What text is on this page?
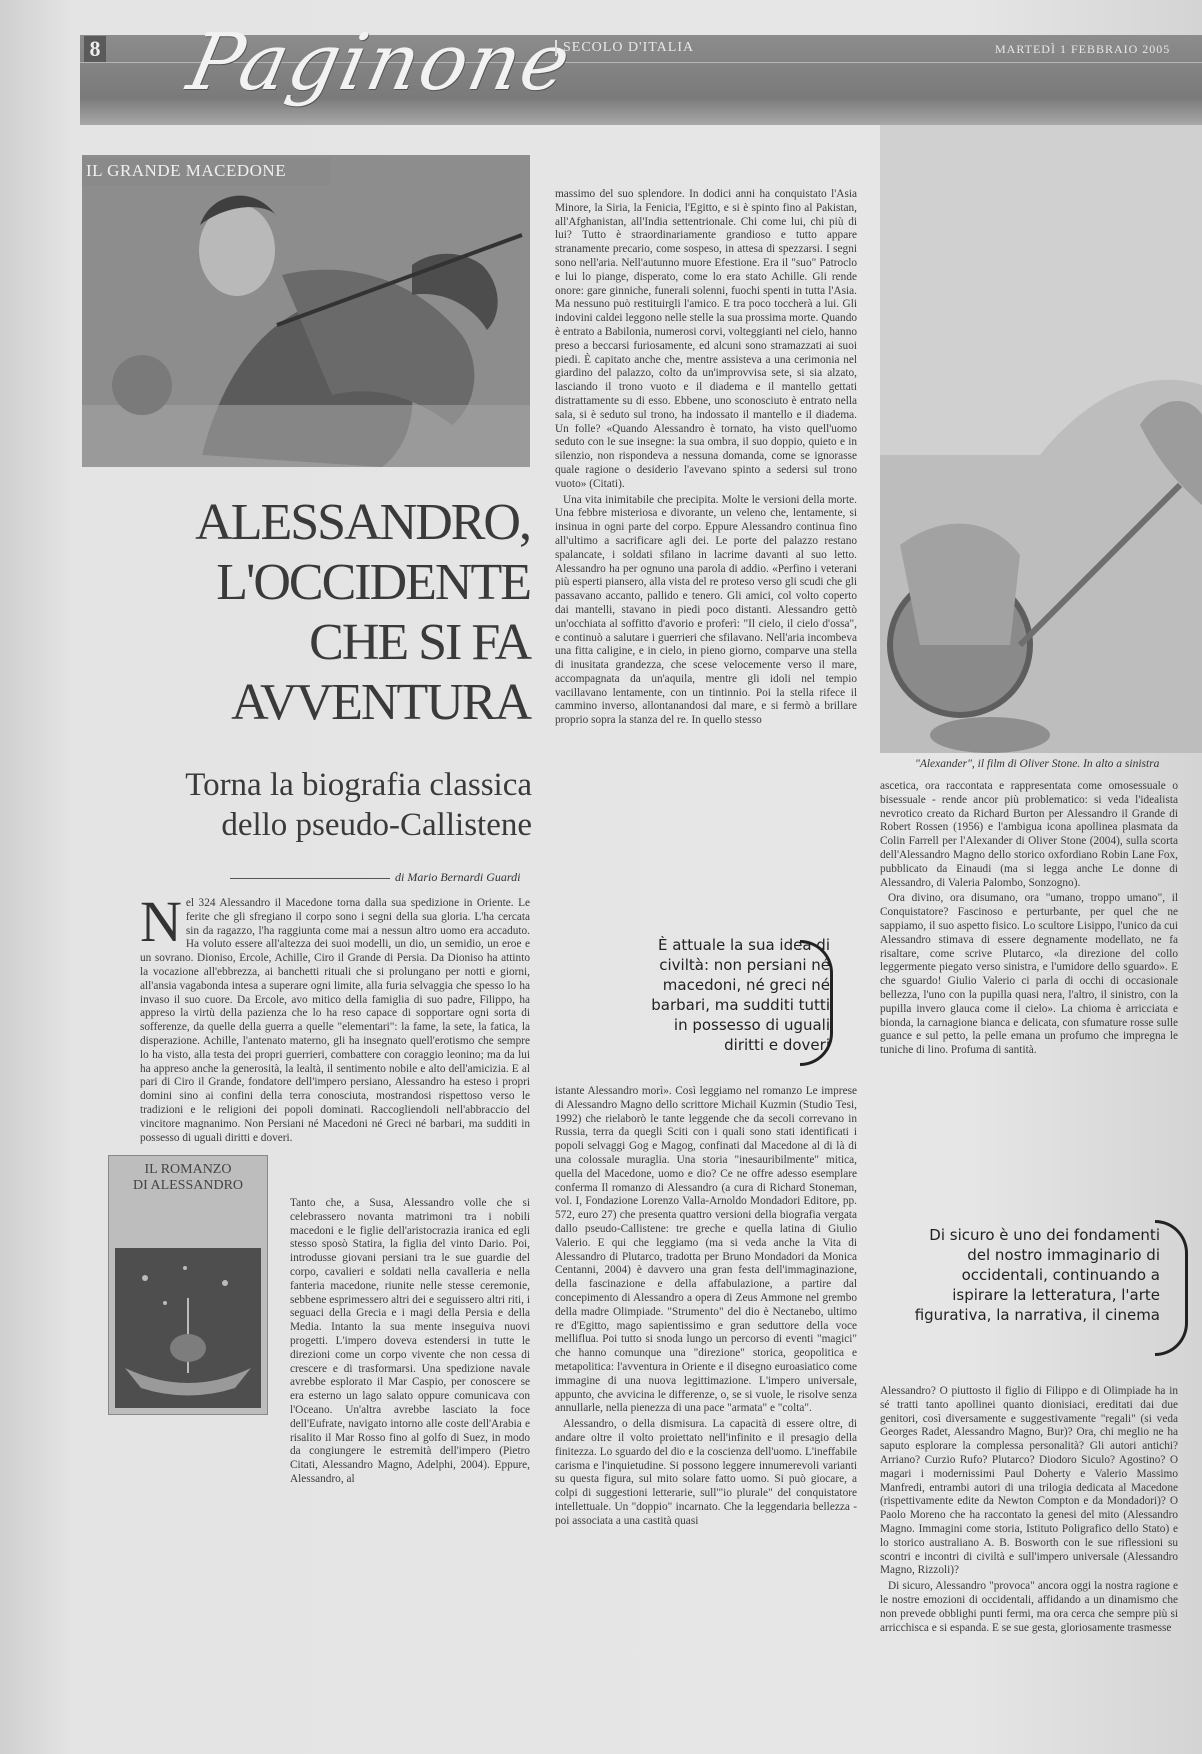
8 Paginone
SECOLO D'ITALIA	MARTEDÌ 1 FEBBRAIO 2005
IL GRANDE MACEDONE
ALESSANDRO,
L'OCCIDENTE
CHE SI FA
AVVENTURA
Torna la biografia classica
dello pseudo-Callistene
di Mario Bernardi Guardi
N el 324 Alessandro il Macedone torna dalla sua spedizione in Oriente. Le ferite che gli sfregiano il corpo sono i segni della sua gloria. L'ha cercata sin da ragazzo, l'ha raggiunta come mai a nessun altro uomo era accaduto. Ha voluto essere all'altezza dei suoi modelli, un dio, un semidio, un eroe e un sovrano. Dioniso, Ercole, Achille, Ciro il Grande di Persia. Da Dioniso ha attinto la vocazione all'ebbrezza, ai banchetti rituali che si prolungano per notti e giorni, all'ansia vagabonda intesa a superare ogni limite, alla furia selvaggia che spesso lo ha invaso il suo cuore. Da Ercole, avo mitico della famiglia di suo padre, Filippo, ha appreso la virtù della pazienza che lo ha reso capace di sopportare ogni sorta di sofferenze, da quelle della guerra a quelle "elementari": la fame, la sete, la fatica, la disperazione. Achille, l'antenato materno, gli ha insegnato quell'erotismo che sempre lo ha visto, alla testa dei propri guerrieri, combattere con coraggio leonino; ma da lui ha appreso anche la generosità, la lealtà, il sentimento nobile e alto dell'amicizia. E al pari di Ciro il Grande, fondatore dell'impero persiano, Alessandro ha esteso i propri domini sino ai confini della terra conosciuta, mostrandosi rispettoso verso le tradizioni e le religioni dei popoli dominati. Raccogliendoli nell'abbraccio del vincitore magnanimo. Non Persiani né Macedoni né Greci né barbari, ma sudditi in possesso di uguali diritti e doveri.
Tanto che, a Susa, Alessandro volle che si celebrassero novanta matrimoni tra i nobili macedoni e le figlie dell'aristocrazia iranica ed egli stesso sposò Statira, la figlia del vinto Dario. Poi, introdusse giovani persiani tra le sue guardie del corpo, cavalieri e soldati nella cavalleria e nella fanteria macedone, riunite nelle stesse ceremonie, sebbene esprimessero altri dei e seguissero altri riti, i seguaci della Grecia e i magi della Persia e della Media. Intanto la sua mente inseguiva nuovi progetti. L'impero doveva estendersi in tutte le direzioni come un corpo vivente che non cessa di crescere e di trasformarsi. Una spedizione navale avrebbe esplorato il Mar Caspio, per conoscere se era esterno un lago salato oppure comunicava con l'Oceano. Un'altra avrebbe lasciato la foce dell'Eufrate, navigato intorno alle coste dell'Arabia e risalito il Mar Rosso fino al golfo di Suez, in modo da congiungere le estremità dell'impero (Pietro Citati, Alessandro Magno, Adelphi, 2004). Eppure, Alessandro, al
IL ROMANZO
DI ALESSANDRO

massimo del suo splendore. In dodici anni ha conquistato l'Asia Minore, la Siria, la Fenicia, l'Egitto, e si è spinto fino al Pakistan, all'Afghanistan, all'India settentrionale. Chi come lui, chi più di lui? Tutto è straordinariamente grandioso e tutto appare stranamente precario, come sospeso, in attesa di spezzarsi. I segni sono nell'aria. Nell'autunno muore Efestione. Era il "suo" Patroclo e lui lo piange, disperato, come lo era stato Achille. Gli rende onore: gare ginniche, funerali solenni, fuochi spenti in tutta l'Asia. Ma nessuno può restituirgli l'amico. E tra poco toccherà a lui. Gli indovini caldei leggono nelle stelle la sua prossima morte. Quando è entrato a Babilonia, numerosi corvi, volteggianti nel cielo, hanno preso a beccarsi furiosamente, ed alcuni sono stramazzati ai suoi piedi. È capitato anche che, mentre assisteva a una cerimonia nel giardino del palazzo, colto da un'improvvisa sete, si sia alzato, lasciando il trono vuoto e il diadema e il mantello gettati distrattamente su di esso. Ebbene, uno sconosciuto è entrato nella sala, si è seduto sul trono, ha indossato il mantello e il diadema. Un folle? «Quando Alessandro è tornato, ha visto quell'uomo seduto con le sue insegne: la sua ombra, il suo doppio, quieto e in silenzio, non rispondeva a nessuna domanda, come se ignorasse quale ragione o desiderio l'avevano spinto a sedersi sul trono vuoto» (Citati).

Una vita inimitabile che precipita. Molte le versioni della morte. Una febbre misteriosa e divorante, un veleno che, lentamente, si insinua in ogni parte del corpo. Eppure Alessandro continua fino all'ultimo a sacrificare agli dei. Le porte del palazzo restano spalancate, i soldati sfilano in lacrime davanti al suo letto. Alessandro ha per ognuno una parola di addio. «Perfino i veterani più esperti piansero, alla vista del re proteso verso gli scudi che gli passavano accanto, pallido e tenero. Gli amici, col volto coperto dai mantelli, stavano in piedi poco distanti. Alessandro gettò un'occhiata al soffitto d'avorio e proferì: "Il cielo, il cielo d'ossa", e continuò a salutare i guerrieri che sfilavano. Nell'aria incombeva una fitta caligine, e in cielo, in pieno giorno, comparve una stella di inusitata grandezza, che scese velocemente verso il mare, accompagnata da un'aquila, mentre gli idoli nel tempio vacillavano lentamente, con un tintinnio. Poi la stella rifece il cammino inverso, allontanandosi dal mare, e si fermò a brillare proprio sopra la stanza del re. In quello stesso

È attuale la sua idea di civiltà: non persiani né macedoni, né greci né barbari, ma sudditi tutti in possesso di uguali diritti e doveri

istante Alessandro morì». Così leggiamo nel romanzo Le imprese di Alessandro Magno dello scrittore Michail Kuzmin (Studio Tesi, 1992) che rielaborò le tante leggende che da secoli correvano in Russia, terra da quegli Sciti con i quali sono stati identificati i popoli selvaggi Gog e Magog, confinati dal Macedone al di là di una colossale muraglia. Una storia "inesauribilmente" mitica, quella del Macedone, uomo e dio? Ce ne offre adesso esemplare conferma Il romanzo di Alessandro (a cura di Richard Stoneman, vol. I, Fondazione Lorenzo Valla-Arnoldo Mondadori Editore, pp. 572, euro 27) che presenta quattro versioni della biografia vergata dallo pseudo-Callistene: tre greche e quella latina di Giulio Valerio. E qui che leggiamo (ma si veda anche la Vita di Alessandro di Plutarco, tradotta per Bruno Mondadori da Monica Centanni, 2004) è davvero una gran festa dell'immaginazione, della fascinazione e della affabulazione, a partire dal concepimento di Alessandro a opera di Zeus Ammone nel grembo della madre Olimpiade. "Strumento" del dio è Nectanebo, ultimo re d'Egitto, mago sapientissimo e gran seduttore della voce melliflua. Poi tutto si snoda lungo un percorso di eventi "magici" che hanno comunque una "direzione" storica, geopolitica e metapolitica: l'avventura in Oriente e il disegno euroasiatico come immagine di una nuova legittimazione. L'impero universale, appunto, che avvicina le differenze, o, se si vuole, le risolve senza annullarle, nella pienezza di una pace "armata" e "colta".

Alessandro, o della dismisura. La capacità di essere oltre, di andare oltre il volto proiettato nell'infinito e il presagio della finitezza. Lo sguardo del dio e la coscienza dell'uomo. L'ineffabile carisma e l'inquietudine. Si possono leggere innumerevoli varianti su questa figura, sul mito solare fatto uomo. Si può giocare, a colpi di suggestioni letterarie, sull'"io plurale" del conquistatore intellettuale. Un "doppio" incarnato. Che la leggendaria bellezza - poi associata a una castità quasi

"Alexander", il film di Oliver Stone. In alto a sinistra

ascetica, ora raccontata e rappresentata come omosessuale o bisessuale - rende ancor più problematico: si veda l'idealista nevrotico creato da Richard Burton per Alessandro il Grande di Robert Rossen (1956) e l'ambigua icona apollinea plasmata da Colin Farrell per l'Alexander di Oliver Stone (2004), sulla scorta dell'Alessandro Magno dello storico oxfordiano Robin Lane Fox, pubblicato da Einaudi (ma si legga anche Le donne di Alessandro, di Valeria Palombo, Sonzogno).

Ora divino, ora disumano, ora "umano, troppo umano", il Conquistatore? Fascinoso e perturbante, per quel che ne sappiamo, il suo aspetto fisico. Lo scultore Lisippo, l'unico da cui Alessandro stimava di essere degnamente modellato, ne fa risaltare, come scrive Plutarco, «la direzione del collo leggermente piegato verso sinistra, e l'umidore dello sguardo». E che sguardo! Giulio Valerio ci parla di occhi di occasionale bellezza, l'uno con la pupilla quasi nera, l'altro, il sinistro, con la pupilla invero glauca come il cielo». La chioma è arricciata e bionda, la carnagione bianca e delicata, con sfumature rosse sulle guance e sul petto, la pelle emana un profumo che impregna le tuniche di lino. Profuma di santità.

Di sicuro è uno dei fondamenti del nostro immaginario di occidentali, continuando a ispirare la letteratura, l'arte figurativa, la narrativa, il cinema

Alessandro? O piuttosto il figlio di Filippo e di Olimpiade ha in sé tratti tanto apollinei quanto dionisiaci, ereditati dai due genitori, così diversamente e suggestivamente "regali" (si veda Georges Radet, Alessandro Magno, Bur)? Ora, chi meglio ne ha saputo esplorare la complessa personalità? Gli autori antichi? Arriano? Curzio Rufo? Plutarco? Diodoro Siculo? Agostino? O magari i modernissimi Paul Doherty e Valerio Massimo Manfredi, entrambi autori di una trilogia dedicata al Macedone (rispettivamente edite da Newton Compton e da Mondadori)? O Paolo Moreno che ha raccontato la genesi del mito (Alessandro Magno. Immagini come storia, Istituto Poligrafico dello Stato) e lo storico australiano A. B. Bosworth con le sue riflessioni su scontri e incontri di civiltà e sull'impero universale (Alessandro Magno, Rizzoli)?

Di sicuro, Alessandro "provoca" ancora oggi la nostra ragione e le nostre emozioni di occidentali, affidando a un dinamismo che non prevede obblighi punti fermi, ma ora cerca che sempre più si arricchisca e si espanda. E se sue gesta, gloriosamente trasmesse
